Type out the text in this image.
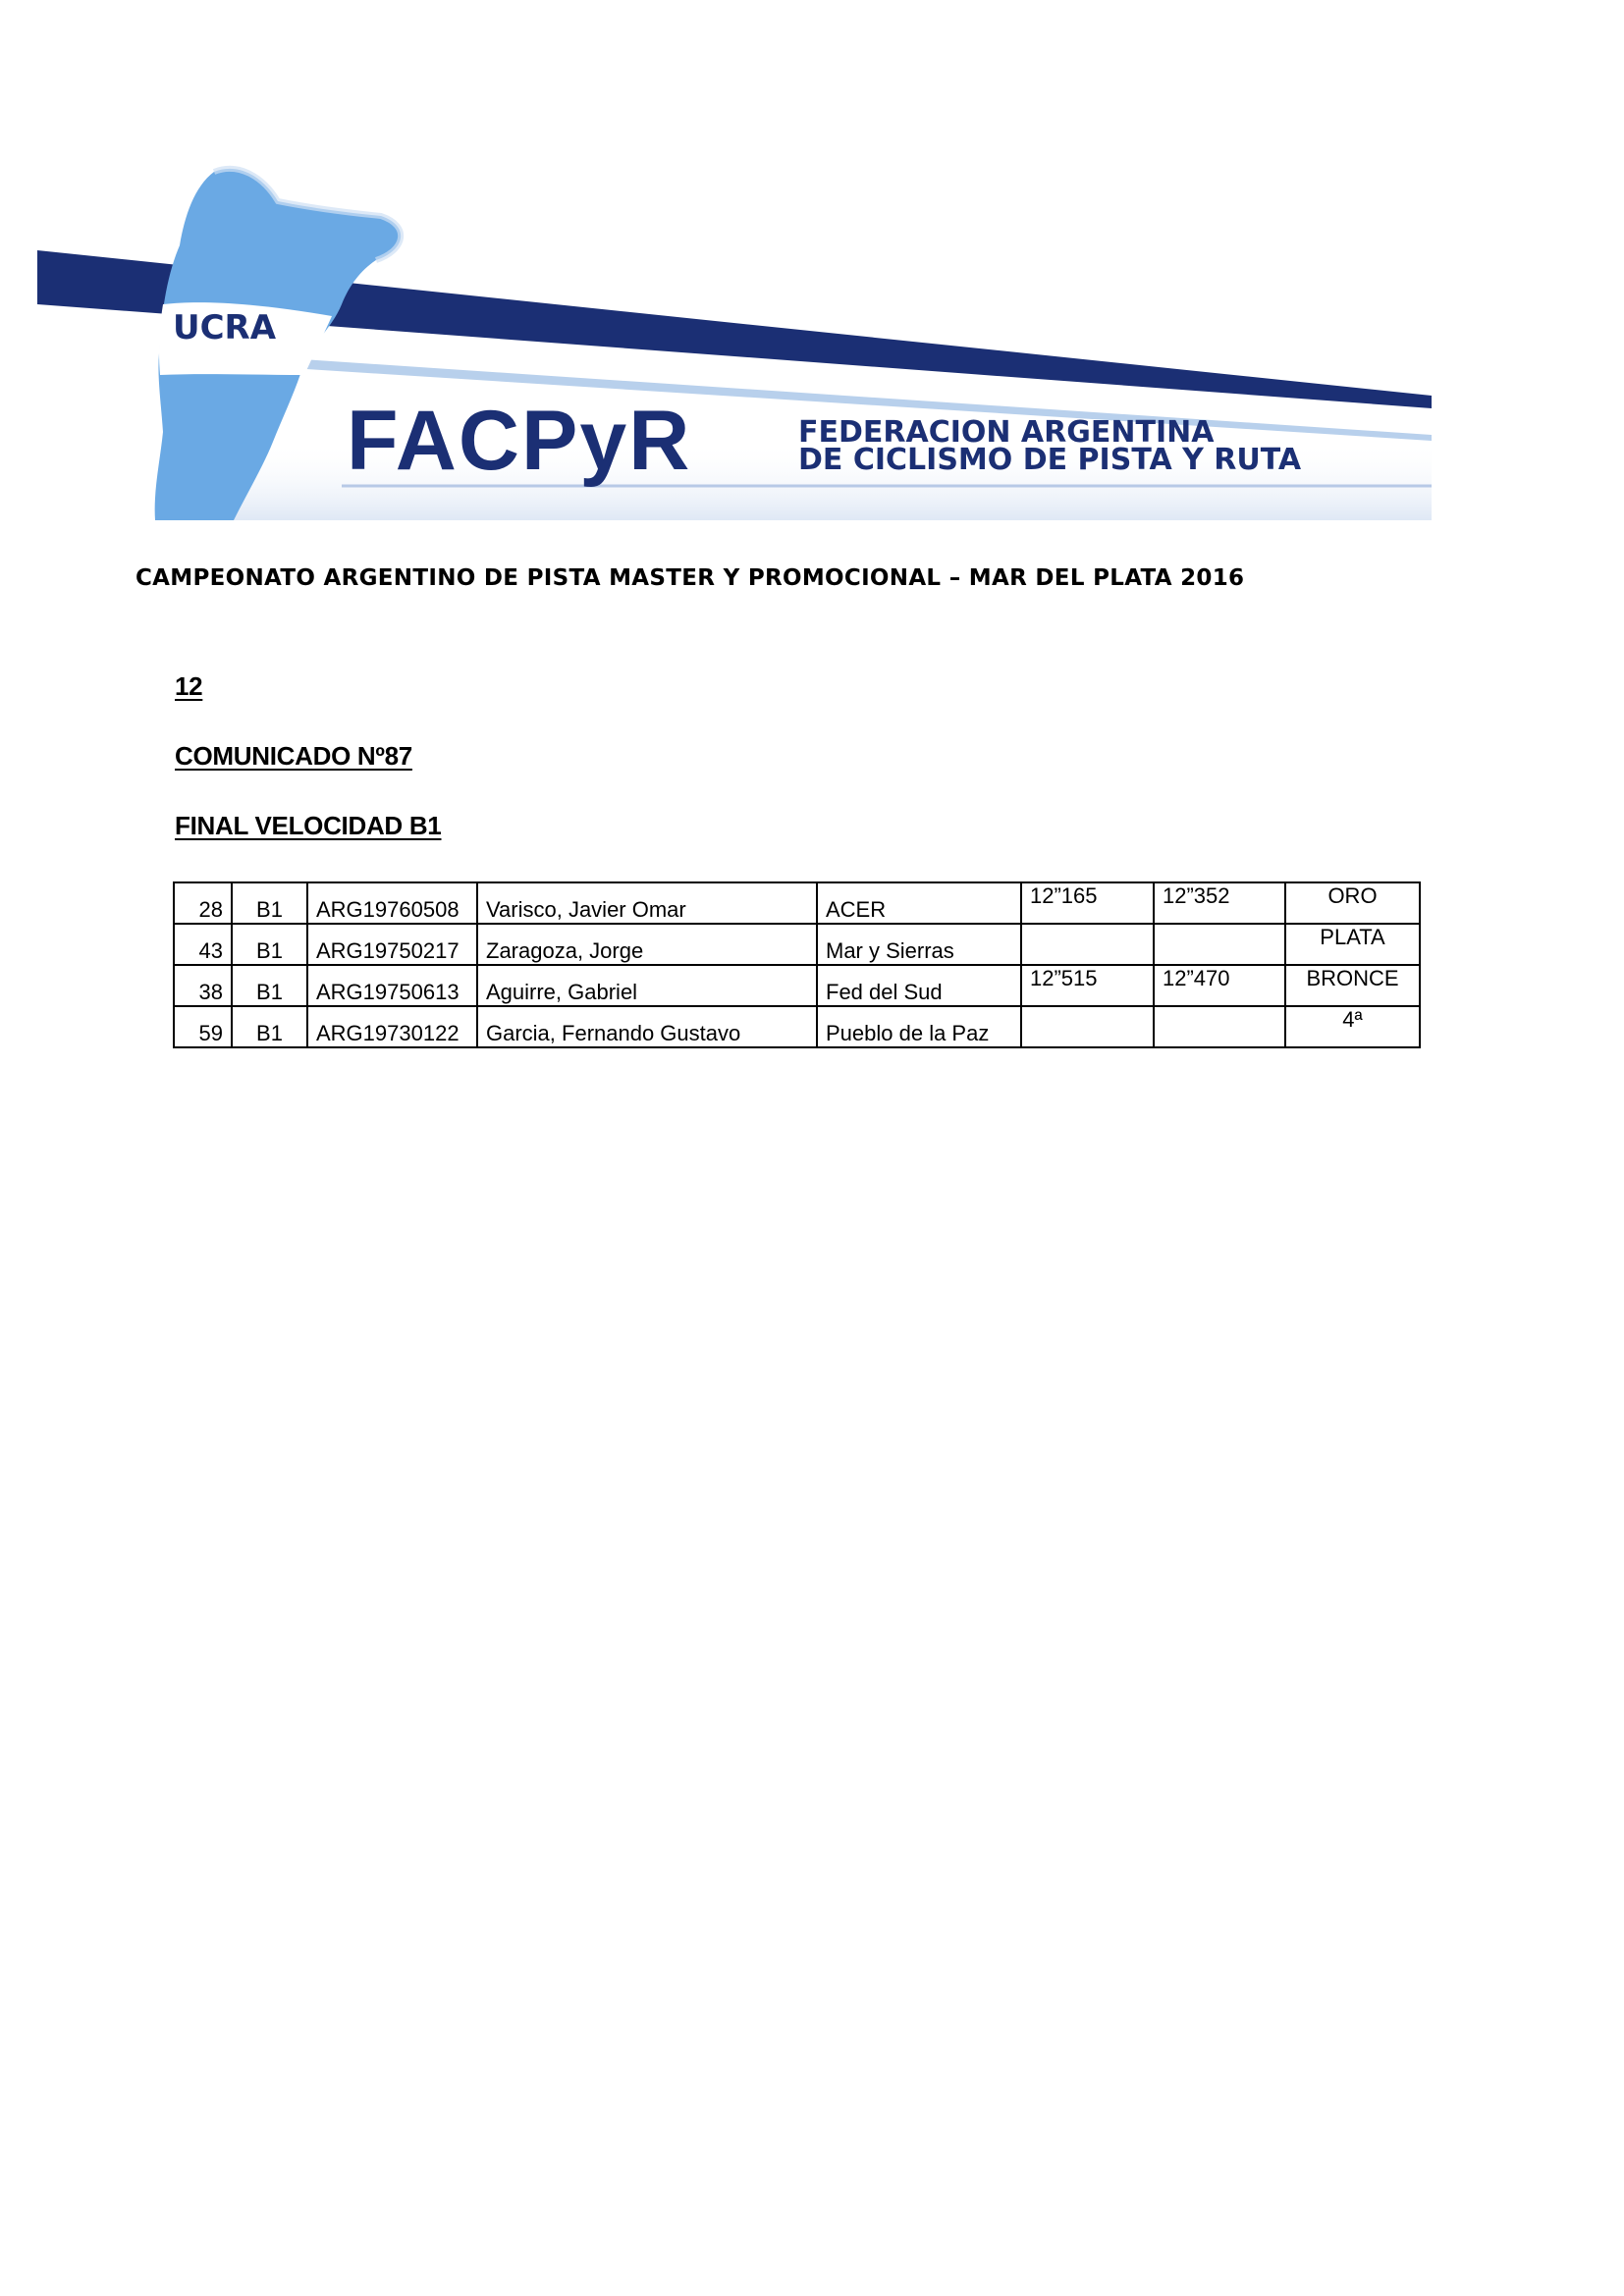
UCRA
FACPyR	FEDERACION ARGENTINA
DE CICLISMO DE PISTA Y RUTA
CAMPEONATO ARGENTINO DE PISTA MASTER Y PROMOCIONAL – MAR DEL PLATA 2016
12
COMUNICADO Nº87
FINAL VELOCIDAD B1
28	B1	ARG19760508	Varisco, Javier Omar	ACER	12”165	12”352	ORO
43	B1	ARG19750217	Zaragoza, Jorge	Mar y Sierras			PLATA
38	B1	ARG19750613	Aguirre, Gabriel	Fed del Sud	12”515	12”470	BRONCE
59	B1	ARG19730122	Garcia, Fernando Gustavo	Pueblo de la Paz			4ª
